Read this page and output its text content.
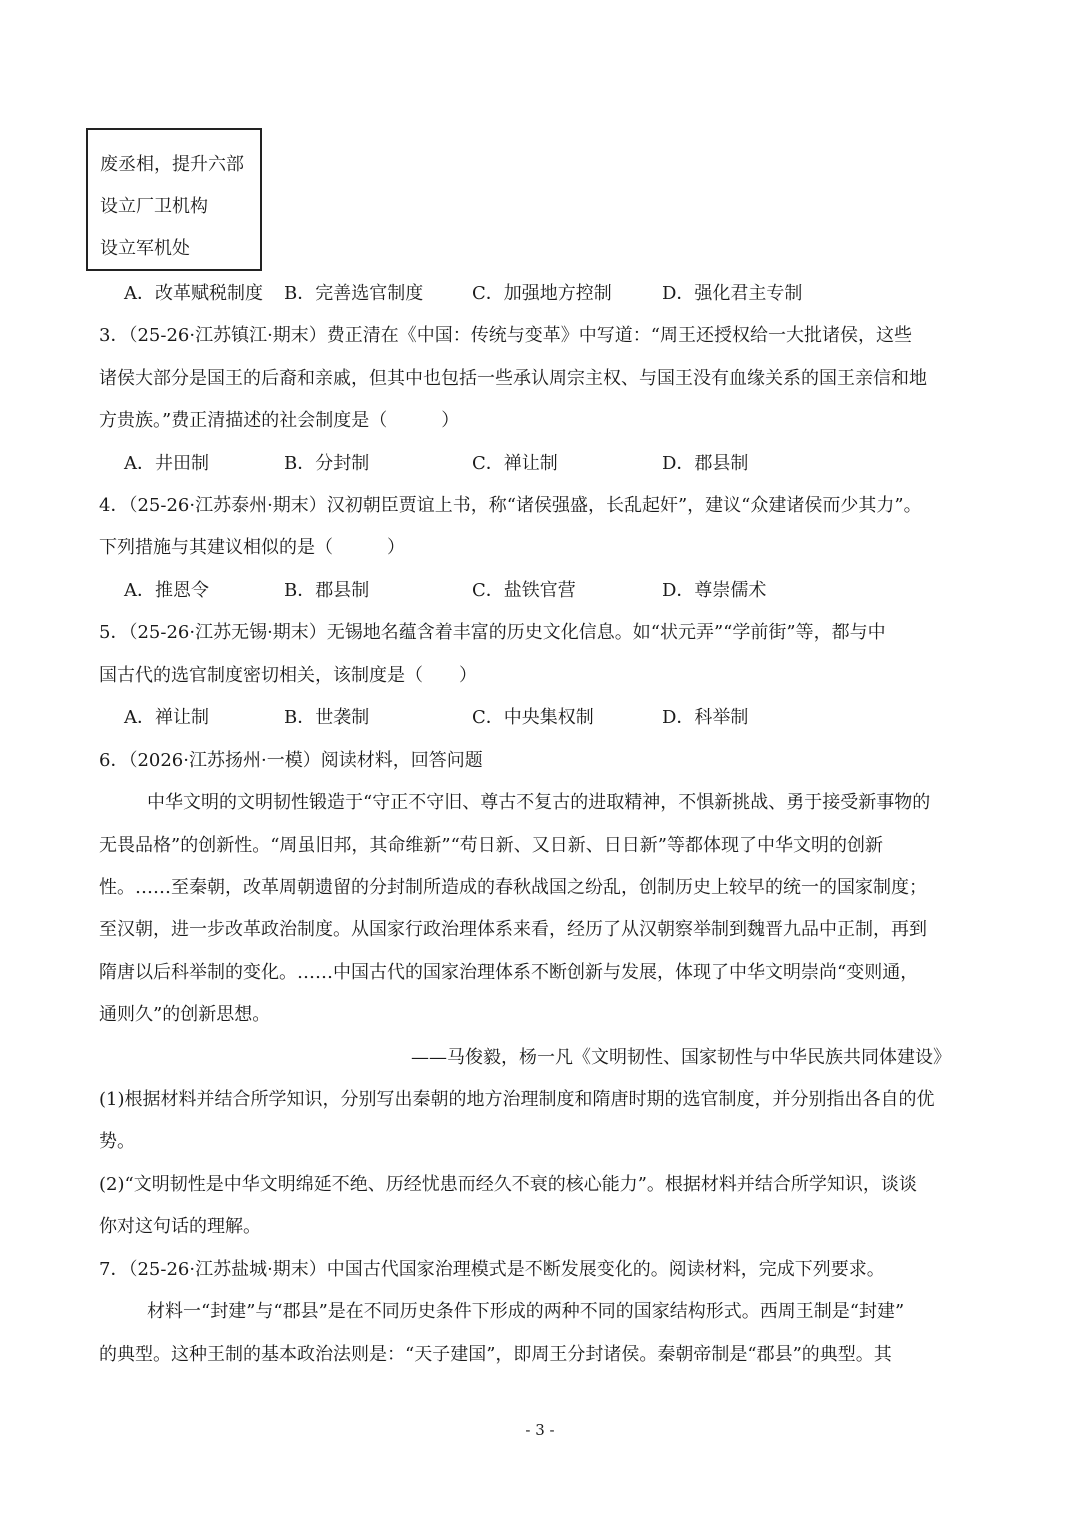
废丞相，提升六部
设立厂卫机构
设立军机处
A．改革赋税制度 B．完善选官制度	C．加强地方控制	D．强化君主专制
3．（25-26·江苏镇江·期末）费正清在《中国：传统与变革》中写道：“周王还授权给一大批诸侯，这些
诸侯大部分是国王的后裔和亲戚，但其中也包括一些承认周宗主权、与国王没有血缘关系的国王亲信和地
方贵族。”费正清描述的社会制度是（　　　）
A．井田制	B．分封制	C．禅让制	D．郡县制
4．（25-26·江苏泰州·期末）汉初朝臣贾谊上书，称“诸侯强盛，长乱起奸”，建议“众建诸侯而少其力”。
下列措施与其建议相似的是（　　　）
A．推恩令	B．郡县制	C．盐铁官营	D．尊崇儒术
5．（25-26·江苏无锡·期末）无锡地名蕴含着丰富的历史文化信息。如“状元弄”“学前街”等，都与中
国古代的选官制度密切相关，该制度是（　　）
A．禅让制	B．世袭制	C．中央集权制	D．科举制
6．（2026·江苏扬州·一模）阅读材料，回答问题
中华文明的文明韧性锻造于“守正不守旧、尊古不复古的进取精神，不惧新挑战、勇于接受新事物的
无畏品格”的创新性。“周虽旧邦，其命维新”“苟日新、又日新、日日新”等都体现了中华文明的创新
性。……至秦朝，改革周朝遗留的分封制所造成的春秋战国之纷乱，创制历史上较早的统一的国家制度；
至汉朝，进一步改革政治制度。从国家行政治理体系来看，经历了从汉朝察举制到魏晋九品中正制，再到
隋唐以后科举制的变化。……中国古代的国家治理体系不断创新与发展，体现了中华文明崇尚“变则通，
通则久”的创新思想。
——马俊毅，杨一凡《文明韧性、国家韧性与中华民族共同体建设》
(1)根据材料并结合所学知识，分别写出秦朝的地方治理制度和隋唐时期的选官制度，并分别指出各自的优
势。
(2)“文明韧性是中华文明绵延不绝、历经忧患而经久不衰的核心能力”。根据材料并结合所学知识，谈谈
你对这句话的理解。
7．（25-26·江苏盐城·期末）中国古代国家治理模式是不断发展变化的。阅读材料，完成下列要求。
材料一“封建”与“郡县”是在不同历史条件下形成的两种不同的国家结构形式。西周王制是“封建”
的典型。这种王制的基本政治法则是：“天子建国”，即周王分封诸侯。秦朝帝制是“郡县”的典型。其
- 3 -
